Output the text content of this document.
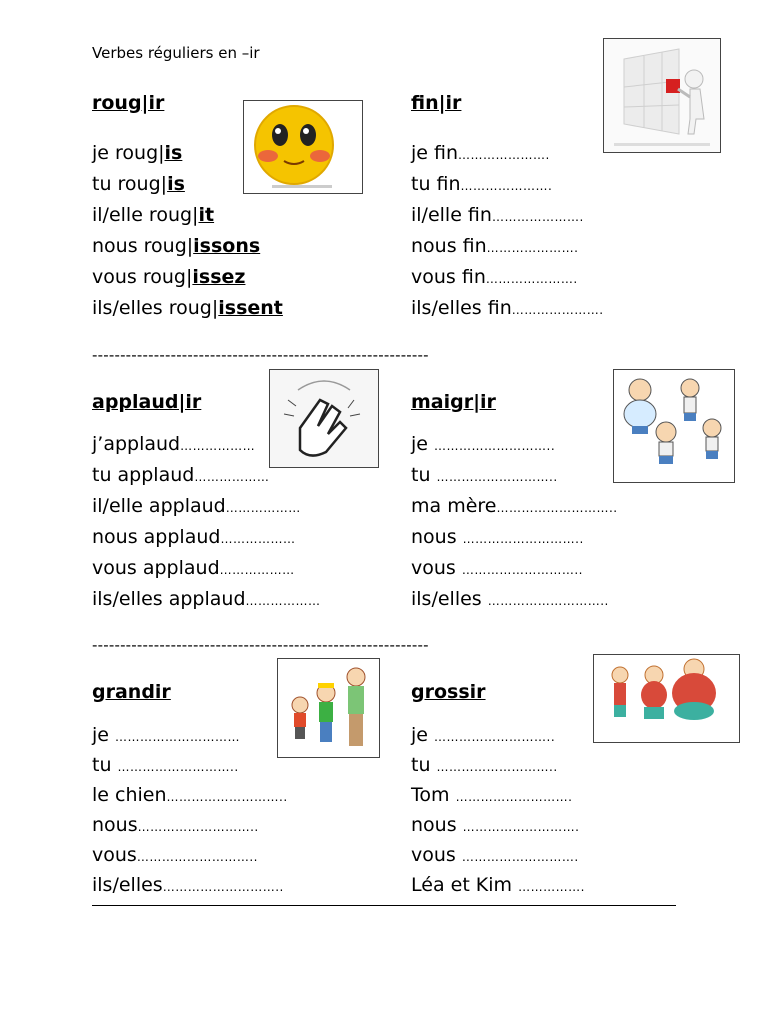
Verbes réguliers en –ir
roug|ir
je roug|is
tu roug|is
il/elle roug|it
nous roug|issons
vous roug|issez
ils/elles roug|issent
fin|ir
je fin………………….
tu fin………………….
il/elle fin………………….
nous fin………………….
vous fin………………….
ils/elles fin………………….
------------------------------------------------------------
applaud|ir
j’applaud………………
tu applaud………………
il/elle applaud………………
nous applaud………………
vous applaud………………
ils/elles applaud………………
maigr|ir
je ………………………..
tu ………………………..
ma mère………………………..
nous ………………………..
vous ………………………..
ils/elles ………………………..
------------------------------------------------------------
grandir
je …………………………
tu ………………………..
le chien………………………..
nous………………………..
vous………………………..
ils/elles………………………..
grossir
je ………………………..
tu ………………………..
Tom ……………………….
nous ……………………….
vous ……………………….
Léa et Kim …………….
